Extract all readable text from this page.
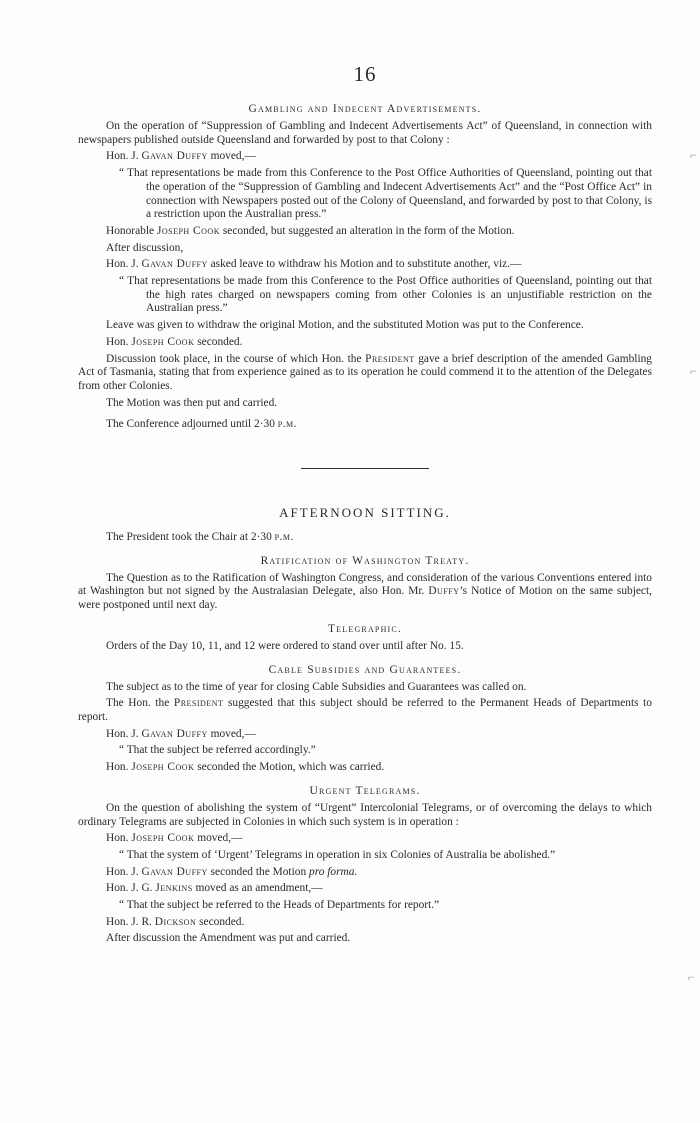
16
Gambling and Indecent Advertisements.

On the operation of “Suppression of Gambling and Indecent Advertisements Act” of Queensland, in connection with newspapers published outside Queensland and forwarded by post to that Colony :

Hon. J. Gavan Duffy moved,—

“ That representations be made from this Conference to the Post Office Authorities of Queensland, pointing out that the operation of the “Suppression of Gambling and Indecent Advertisements Act” and the “Post Office Act” in connection with Newspapers posted out of the Colony of Queensland, and forwarded by post to that Colony, is a restriction upon the Australian press.”

Honorable Joseph Cook seconded, but suggested an alteration in the form of the Motion.

After discussion,

Hon. J. Gavan Duffy asked leave to withdraw his Motion and to substitute another, viz.—

“ That representations be made from this Conference to the Post Office authorities of Queensland, pointing out that the high rates charged on newspapers coming from other Colonies is an unjustifiable restriction on the Australian press.”

Leave was given to withdraw the original Motion, and the substituted Motion was put to the Conference.

Hon. Joseph Cook seconded.

Discussion took place, in the course of which Hon. the President gave a brief description of the amended Gambling Act of Tasmania, stating that from experience gained as to its operation he could commend it to the attention of the Delegates from other Colonies.

The Motion was then put and carried.

The Conference adjourned until 2·30 p.m.

AFTERNOON SITTING.

The President took the Chair at 2·30 p.m.

Ratification of Washington Treaty.

The Question as to the Ratification of Washington Congress, and consideration of the various Conventions entered into at Washington but not signed by the Australasian Delegate, also Hon. Mr. Duffy’s Notice of Motion on the same subject, were postponed until next day.

Telegraphic.

Orders of the Day 10, 11, and 12 were ordered to stand over until after No. 15.

Cable Subsidies and Guarantees.

The subject as to the time of year for closing Cable Subsidies and Guarantees was called on.

The Hon. the President suggested that this subject should be referred to the Permanent Heads of Departments to report.

Hon. J. Gavan Duffy moved,—

“ That the subject be referred accordingly.”

Hon. Joseph Cook seconded the Motion, which was carried.

Urgent Telegrams.

On the question of abolishing the system of “Urgent” Intercolonial Telegrams, or of overcoming the delays to which ordinary Telegrams are subjected in Colonies in which such system is in operation :

Hon. Joseph Cook moved,—

“ That the system of ‘Urgent’ Telegrams in operation in six Colonies of Australia be abolished.”

Hon. J. Gavan Duffy seconded the Motion pro forma.

Hon. J. G. Jenkins moved as an amendment,—

“ That the subject be referred to the Heads of Departments for report.”

Hon. J. R. Dickson seconded.

After discussion the Amendment was put and carried.

⌐
⌐
⌐
